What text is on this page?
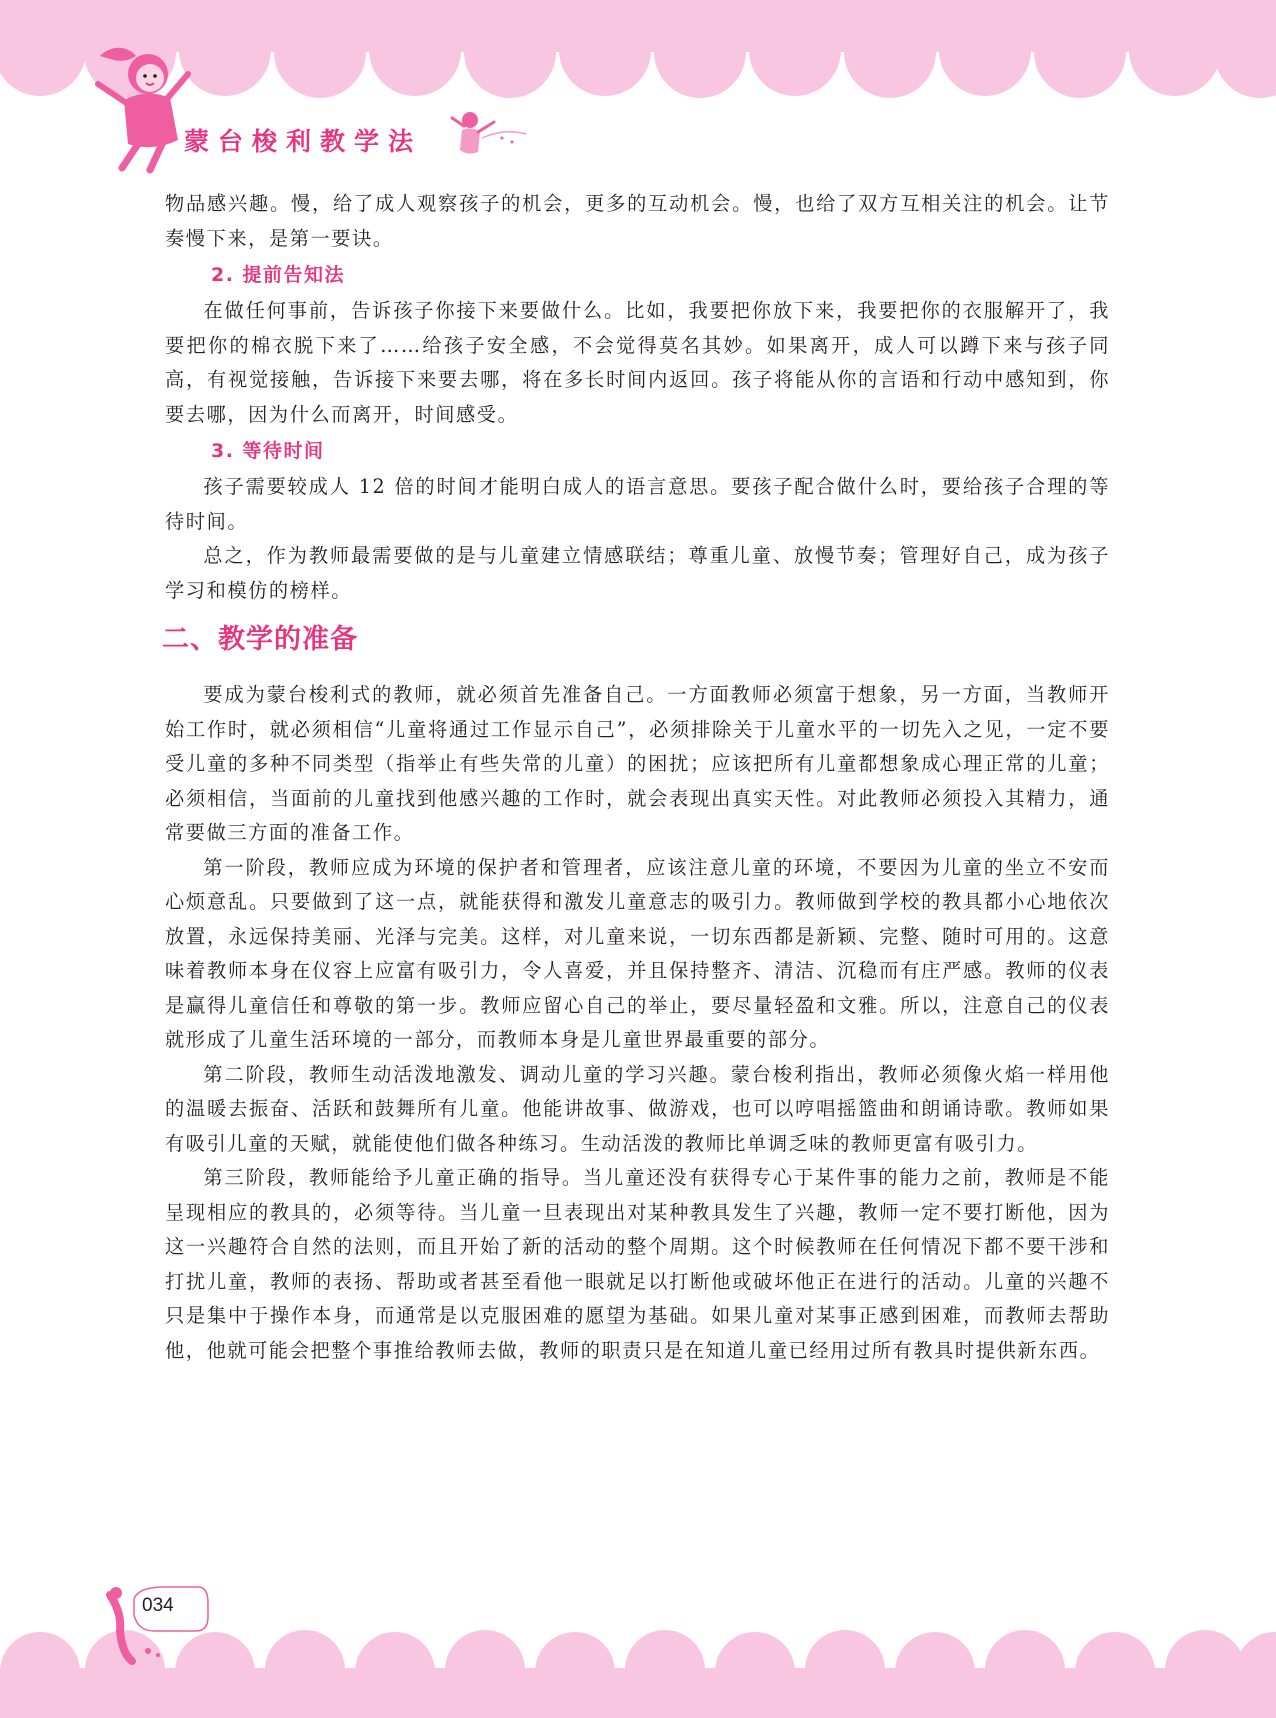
蒙台梭利教学法

物品感兴趣。慢，给了成人观察孩子的机会，更多的互动机会。慢，也给了双方互相关注的机会。让节奏慢下来，是第一要诀。

2. 提前告知法

在做任何事前，告诉孩子你接下来要做什么。比如，我要把你放下来，我要把你的衣服解开了，我要把你的棉衣脱下来了……给孩子安全感，不会觉得莫名其妙。如果离开，成人可以蹲下来与孩子同高，有视觉接触，告诉接下来要去哪，将在多长时间内返回。孩子将能从你的言语和行动中感知到，你要去哪，因为什么而离开，时间感受。

3. 等待时间

孩子需要较成人 12 倍的时间才能明白成人的语言意思。要孩子配合做什么时，要给孩子合理的等待时间。

总之，作为教师最需要做的是与儿童建立情感联结；尊重儿童、放慢节奏；管理好自己，成为孩子学习和模仿的榜样。

二、教学的准备

要成为蒙台梭利式的教师，就必须首先准备自己。一方面教师必须富于想象，另一方面，当教师开始工作时，就必须相信“儿童将通过工作显示自己”，必须排除关于儿童水平的一切先入之见，一定不要受儿童的多种不同类型（指举止有些失常的儿童）的困扰；应该把所有儿童都想象成心理正常的儿童；必须相信，当面前的儿童找到他感兴趣的工作时，就会表现出真实天性。对此教师必须投入其精力，通常要做三方面的准备工作。

第一阶段，教师应成为环境的保护者和管理者，应该注意儿童的环境，不要因为儿童的坐立不安而心烦意乱。只要做到了这一点，就能获得和激发儿童意志的吸引力。教师做到学校的教具都小心地依次放置，永远保持美丽、光泽与完美。这样，对儿童来说，一切东西都是新颖、完整、随时可用的。这意味着教师本身在仪容上应富有吸引力，令人喜爱，并且保持整齐、清洁、沉稳而有庄严感。教师的仪表是赢得儿童信任和尊敬的第一步。教师应留心自己的举止，要尽量轻盈和文雅。所以，注意自己的仪表就形成了儿童生活环境的一部分，而教师本身是儿童世界最重要的部分。

第二阶段，教师生动活泼地激发、调动儿童的学习兴趣。蒙台梭利指出，教师必须像火焰一样用他的温暖去振奋、活跃和鼓舞所有儿童。他能讲故事、做游戏，也可以哼唱摇篮曲和朗诵诗歌。教师如果有吸引儿童的天赋，就能使他们做各种练习。生动活泼的教师比单调乏味的教师更富有吸引力。

第三阶段，教师能给予儿童正确的指导。当儿童还没有获得专心于某件事的能力之前，教师是不能呈现相应的教具的，必须等待。当儿童一旦表现出对某种教具发生了兴趣，教师一定不要打断他，因为这一兴趣符合自然的法则，而且开始了新的活动的整个周期。这个时候教师在任何情况下都不要干涉和打扰儿童，教师的表扬、帮助或者甚至看他一眼就足以打断他或破坏他正在进行的活动。儿童的兴趣不只是集中于操作本身，而通常是以克服困难的愿望为基础。如果儿童对某事正感到困难，而教师去帮助他，他就可能会把整个事推给教师去做，教师的职责只是在知道儿童已经用过所有教具时提供新东西。

034
